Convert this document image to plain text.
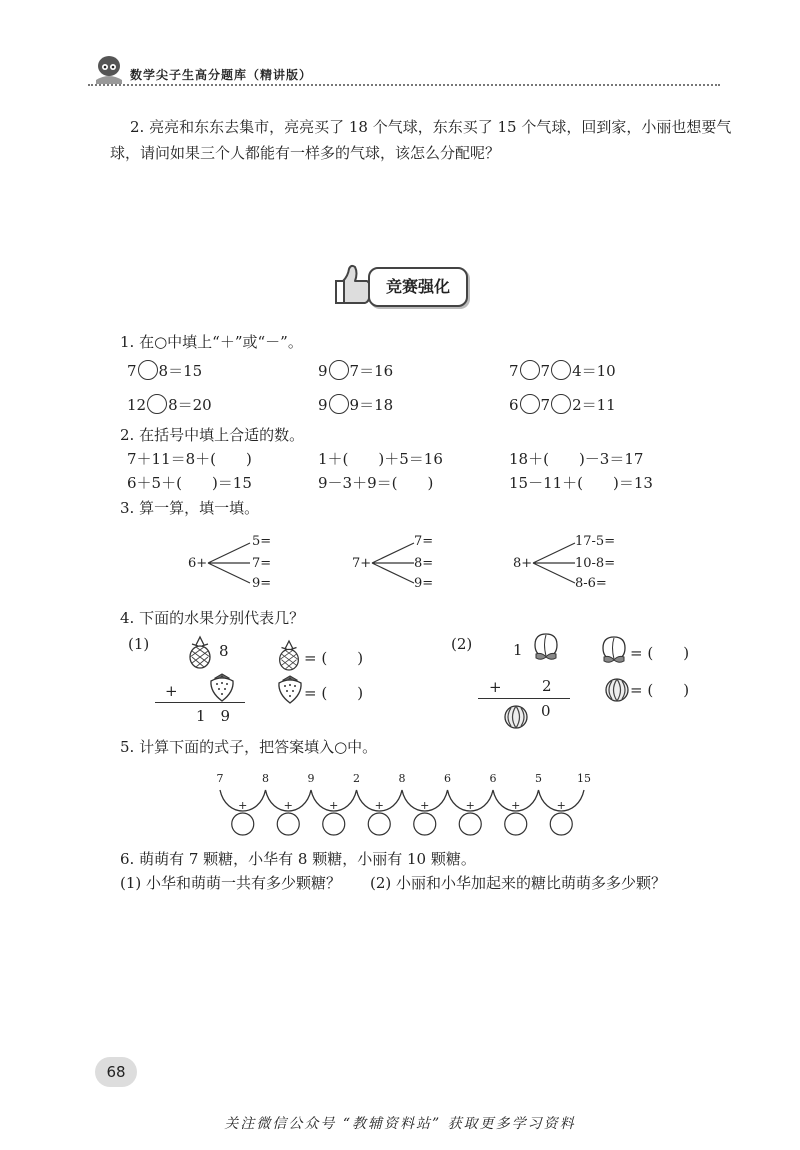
数学尖子生高分题库（精讲版）
2. 亮亮和东东去集市，亮亮买了 18 个气球，东东买了 15 个气球，回到家，小丽也想要气
球，请问如果三个人都能有一样多的气球，该怎么分配呢？
竞赛强化
1. 在○中填上“＋”或“－”。
7 8＝15	9 7＝16	7 7 4＝10
12 8＝20	9 9＝18	6 7 2＝11
2. 在括号中填上合适的数。
7＋11＝8＋(　　)	1＋(　　)＋5＝16	18＋(　　)－3＝17
6＋5＋(　　)＝15	9－3＋9＝(　　)	15－11＋(　　)＝13
3. 算一算，填一填。
6+
5=
7=
9=
7+
7=
8=
9=
8+
17-5=
10-8=
8-6=
4. 下面的水果分别代表几？
(1)	8
+
1　9
= (　　)
= (　　)
(2)	1
+	2
0
= (　　)
= (　　)
5. 计算下面的式子，把答案填入○中。
7	8	9	2	8	6	6	5	15
+	+	+	+	+	+	+	+
6. 萌萌有 7 颗糖，小华有 8 颗糖，小丽有 10 颗糖。
(1) 小华和萌萌一共有多少颗糖？ (2) 小丽和小华加起来的糖比萌萌多多少颗？
68
关注微信公众号 “教辅资料站” 获取更多学习资料
